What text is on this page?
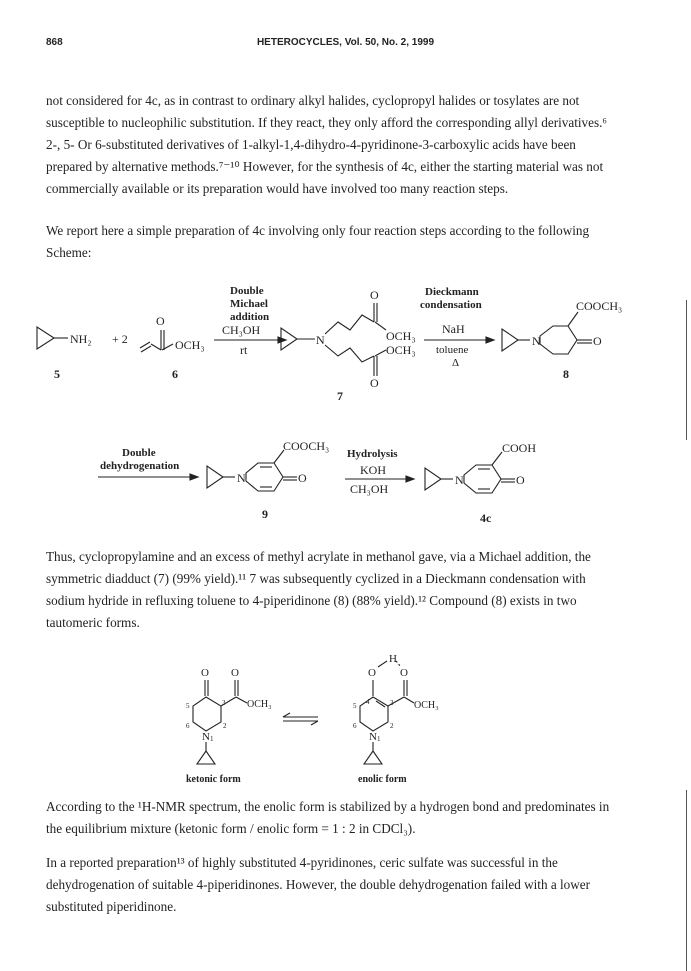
868	HETEROCYCLES, Vol. 50, No. 2, 1999
not considered for 4c, as in contrast to ordinary alkyl halides, cyclopropyl halides or tosylates are not
susceptible to nucleophilic substitution. If they react, they only afford the corresponding allyl derivatives.⁶
2-, 5- Or 6-substituted derivatives of 1-alkyl-1,4-dihydro-4-pyridinone-3-carboxylic acids have been
prepared by alternative methods.⁷⁻¹⁰ However, for the synthesis of 4c, either the starting material was not
commercially available or its preparation would have involved too many reaction steps.
We report here a simple preparation of 4c involving only four reaction steps according to the following
Scheme:
NH₂ + 2
O
OCH₃
Double
Michael
addition
CH₃OH
rt
N
O
OCH₃
O
OCH₃
Dieckmann
condensation
NaH
toluene
Δ
N	O
COOCH₃
5	6
7
8
Double
dehydrogenation
N	O
COOCH₃
Hydrolysis
KOH
CH₃OH
N	O
COOH
9	4c
Thus, cyclopropylamine and an excess of methyl acrylate in methanol gave, via a Michael addition, the
symmetric diadduct (7) (99% yield).¹¹ 7 was subsequently cyclized in a Dieckmann condensation with
sodium hydride in refluxing toluene to 4-piperidinone (8) (88% yield).¹² Compound (8) exists in two
tautomeric forms.
O O
OCH₃
3
5
6	2
N 1
H
O O
OCH₃
3
4
5
6	2
N 1
ketonic form	enolic form
According to the ¹H-NMR spectrum, the enolic form is stabilized by a hydrogen bond and predominates in
the equilibrium mixture (ketonic form / enolic form = 1 : 2 in CDCl₃).
In a reported preparation¹³ of highly substituted 4-pyridinones, ceric sulfate was successful in the
dehydrogenation of suitable 4-piperidinones. However, the double dehydrogenation failed with a lower
substituted piperidinone.
